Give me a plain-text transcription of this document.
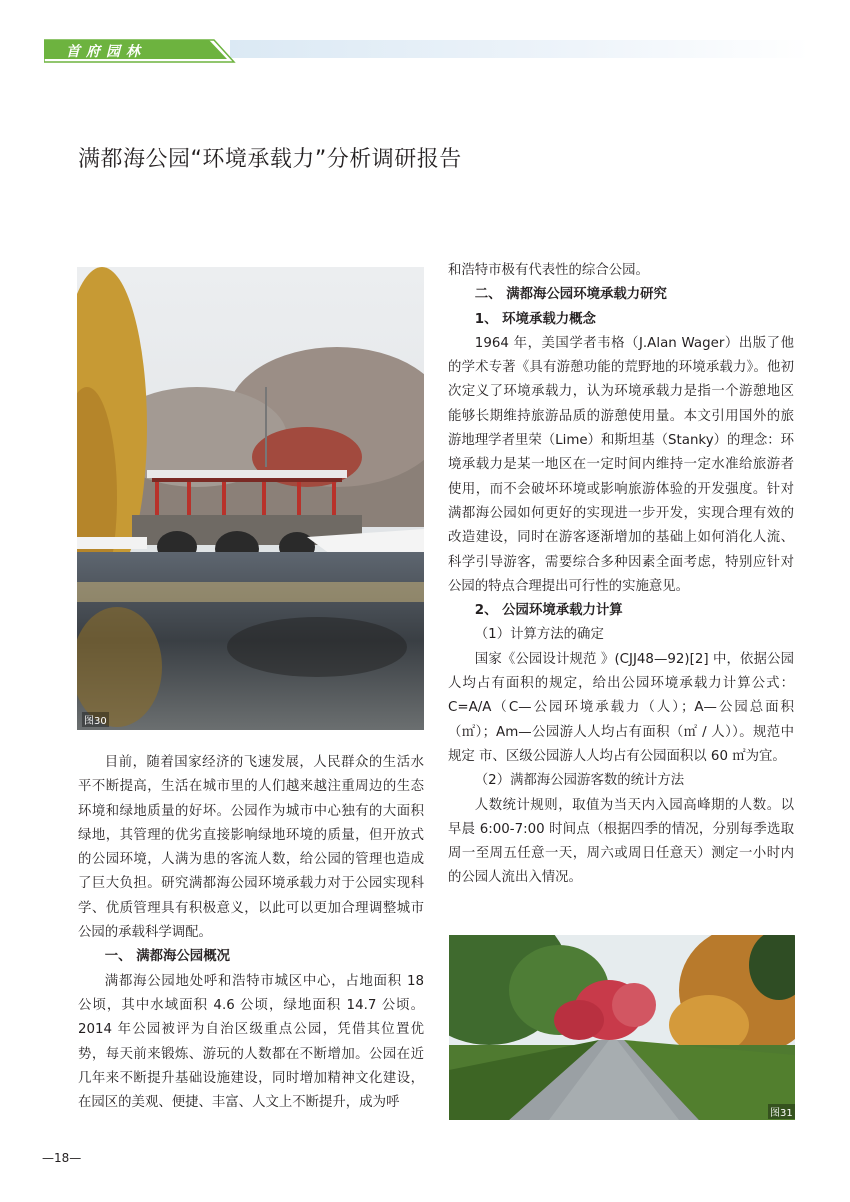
首府园林
满都海公园“环境承载力”分析调研报告
图30

目前，随着国家经济的飞速发展，人民群众的生活水平不断提高，生活在城市里的人们越来越注重周边的生态环境和绿地质量的好坏。公园作为城市中心独有的大面积绿地，其管理的优劣直接影响绿地环境的质量，但开放式的公园环境，人满为患的客流人数，给公园的管理也造成了巨大负担。研究满都海公园环境承载力对于公园实现科学、优质管理具有积极意义，以此可以更加合理调整城市公园的承载科学调配。

一、 满都海公园概况

满都海公园地处呼和浩特市城区中心，占地面积 18 公顷，其中水域面积 4.6 公顷，绿地面积 14.7 公顷。2014 年公园被评为自治区级重点公园，凭借其位置优势，每天前来锻炼、游玩的人数都在不断增加。公园在近几年来不断提升基础设施建设，同时增加精神文化建设，在园区的美观、便捷、丰富、人文上不断提升，成为呼

和浩特市极有代表性的综合公园。

二、 满都海公园环境承载力研究

1、 环境承载力概念

1964 年，美国学者韦格（J.Alan Wager）出版了他的学术专著《具有游憩功能的荒野地的环境承载力》。他初次定义了环境承载力，认为环境承载力是指一个游憩地区能够长期维持旅游品质的游憩使用量。本文引用国外的旅游地理学者里荣（Lime）和斯坦基（Stanky）的理念：环境承载力是某一地区在一定时间内维持一定水准给旅游者使用，而不会破坏环境或影响旅游体验的开发强度。针对满都海公园如何更好的实现进一步开发，实现合理有效的改造建设，同时在游客逐渐增加的基础上如何消化人流、科学引导游客，需要综合多种因素全面考虑，特别应针对公园的特点合理提出可行性的实施意见。

2、 公园环境承载力计算

（1）计算方法的确定

国家《公园设计规范 》(CJJ48—92)[2] 中，依据公园人均占有面积的规定，给出公园环境承载力计算公式：C=A/A（C—公园环境承载力（人）；A—公园总面积（㎡）；Am—公园游人人均占有面积（㎡ / 人））。规范中规定 市、区级公园游人人均占有公园面积以 60 ㎡为宜。

（2）满都海公园游客数的统计方法

人数统计规则，取值为当天内入园高峰期的人数。以早晨 6:00-7:00 时间点（根据四季的情况，分别每季选取周一至周五任意一天，周六或周日任意天）测定一小时内的公园人流出入情况。

图31
—18—
